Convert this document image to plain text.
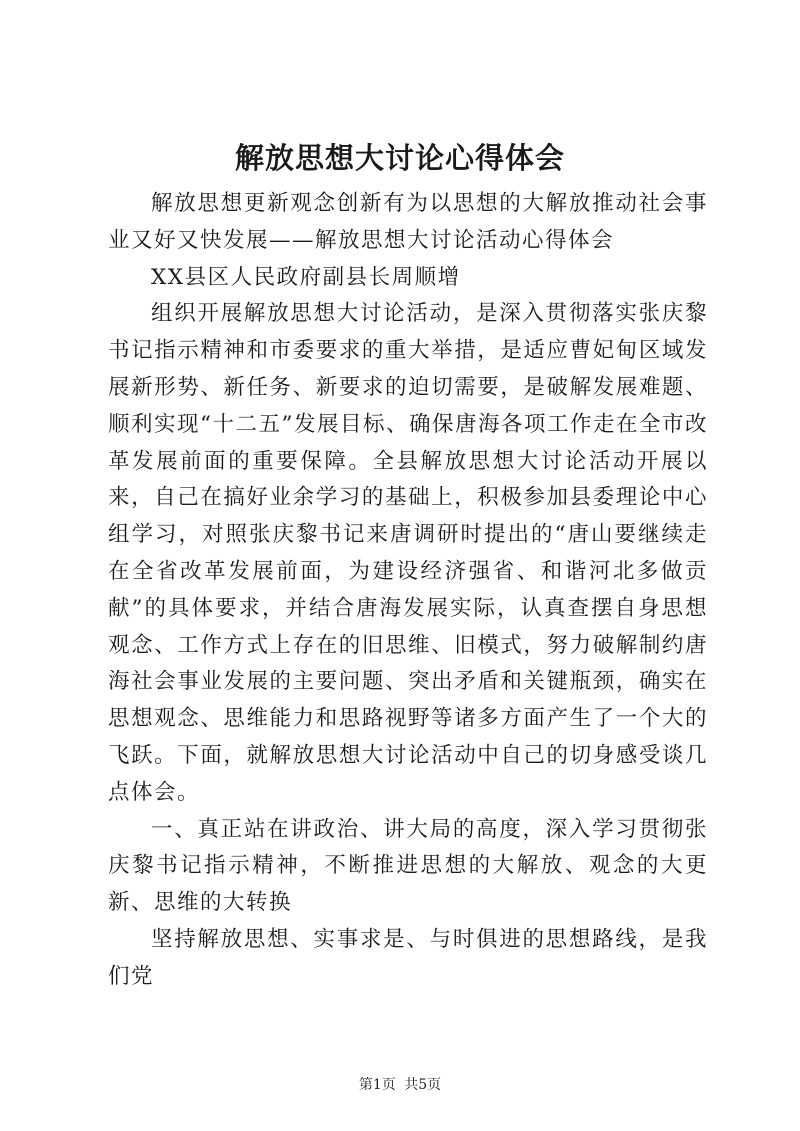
解放思想大讨论心得体会

解放思想更新观念创新有为以思想的大解放推动社会事业又好又快发展——解放思想大讨论活动心得体会

XX县区人民政府副县长周顺增

组织开展解放思想大讨论活动，是深入贯彻落实张庆黎书记指示精神和市委要求的重大举措，是适应曹妃甸区域发展新形势、新任务、新要求的迫切需要，是破解发展难题、顺利实现“十二五”发展目标、确保唐海各项工作走在全市改革发展前面的重要保障。全县解放思想大讨论活动开展以来，自己在搞好业余学习的基础上，积极参加县委理论中心组学习，对照张庆黎书记来唐调研时提出的“唐山要继续走在全省改革发展前面，为建设经济强省、和谐河北多做贡献”的具体要求，并结合唐海发展实际，认真查摆自身思想观念、工作方式上存在的旧思维、旧模式，努力破解制约唐海社会事业发展的主要问题、突出矛盾和关键瓶颈，确实在思想观念、思维能力和思路视野等诸多方面产生了一个大的飞跃。下面，就解放思想大讨论活动中自己的切身感受谈几点体会。

一、真正站在讲政治、讲大局的高度，深入学习贯彻张庆黎书记指示精神，不断推进思想的大解放、观念的大更新、思维的大转换

坚持解放思想、实事求是、与时俱进的思想路线，是我们党

第1页 共5页
